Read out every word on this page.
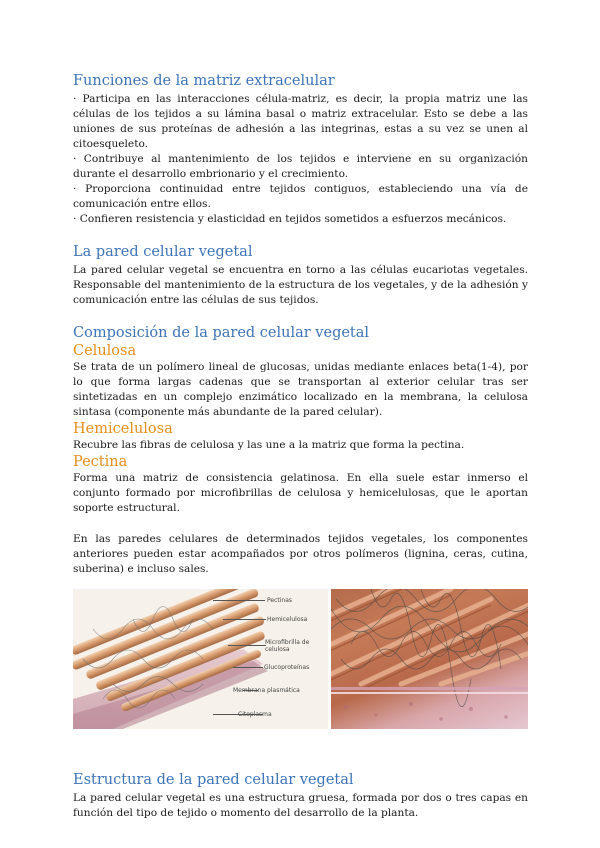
Funciones de la matriz extracelular

· Participa en las interacciones célula-matriz, es decir, la propia matriz une las células de los tejidos a su lámina basal o matriz extracelular. Esto se debe a las uniones de sus proteínas de adhesión a las integrinas, estas a su vez se unen al citoesqueleto.

· Contribuye al mantenimiento de los tejidos e interviene en su organización durante el desarrollo embrionario y el crecimiento.

· Proporciona continuidad entre tejidos contiguos, estableciendo una vía de comunicación entre ellos.

· Confieren resistencia y elasticidad en tejidos sometidos a esfuerzos mecánicos.

La pared celular vegetal

La pared celular vegetal se encuentra en torno a las células eucariotas vegetales. Responsable del mantenimiento de la estructura de los vegetales, y de la adhesión y comunicación entre las células de sus tejidos.

Composición de la pared celular vegetal
Celulosa

Se trata de un polímero lineal de glucosas, unidas mediante enlaces beta(1-4), por lo que forma largas cadenas que se transportan al exterior celular tras ser sintetizadas en un complejo enzimático localizado en la membrana, la celulosa sintasa (componente más abundante de la pared celular).

Hemicelulosa

Recubre las fibras de celulosa y las une a la matriz que forma la pectina.

Pectina

Forma una matriz de consistencia gelatinosa. En ella suele estar inmerso el conjunto formado por microfibrillas de celulosa y hemicelulosas, que le aportan soporte estructural.

En las paredes celulares de determinados tejidos vegetales, los componentes anteriores pueden estar acompañados por otros polímeros (lignina, ceras, cutina, suberina) e incluso sales.

Pectinas
Hemicelulosa
Microfibrilla de celulosa
Glucoproteínas
Membrana plasmática
Citoplasma
Estructura de la pared celular vegetal

La pared celular vegetal es una estructura gruesa, formada por dos o tres capas en función del tipo de tejido o momento del desarrollo de la planta.
